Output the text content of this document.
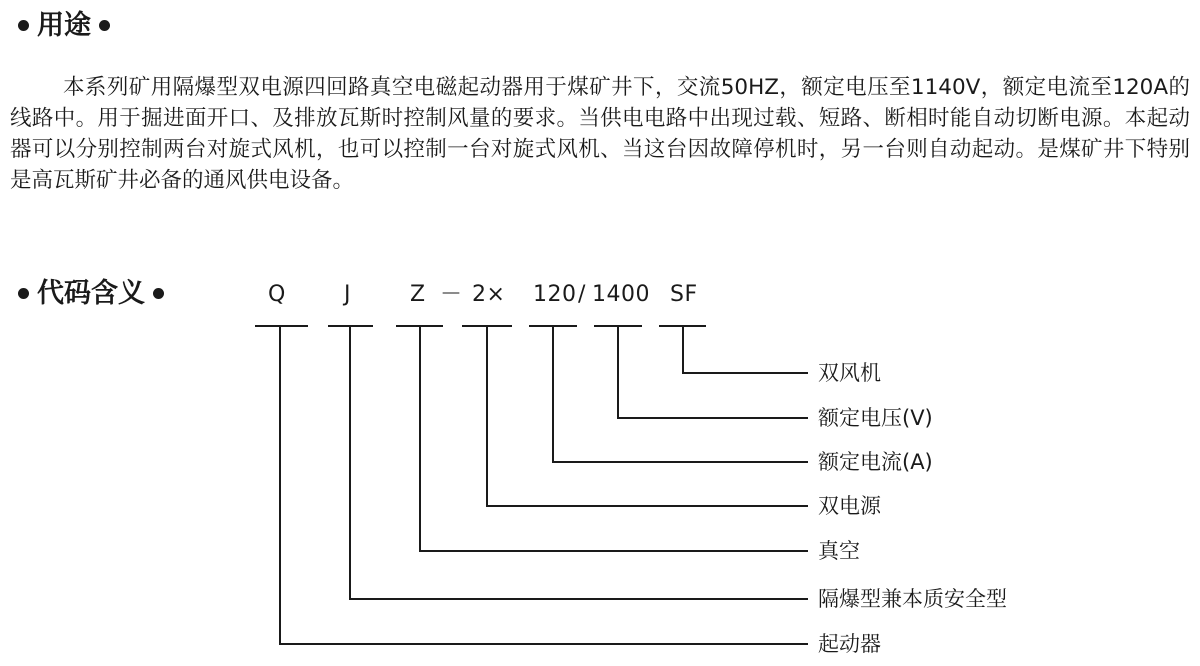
用途

本系列矿用隔爆型双电源四回路真空电磁起动器用于煤矿井下，交流50HZ，额定电压至1140V，额定电流至120A的线路中。用于掘进面开口、及排放瓦斯时控制风量的要求。当供电电路中出现过载、短路、断相时能自动切断电源。本起动器可以分别控制两台对旋式风机，也可以控制一台对旋式风机、当这台因故障停机时，另一台则自动起动。是煤矿井下特别是高瓦斯矿井必备的通风供电设备。

代码含义	Q	J	Z － 2× 120 / 1400 SF
双风机
额定电压(V)
额定电流(A)
双电源
真空
隔爆型兼本质安全型
起动器
